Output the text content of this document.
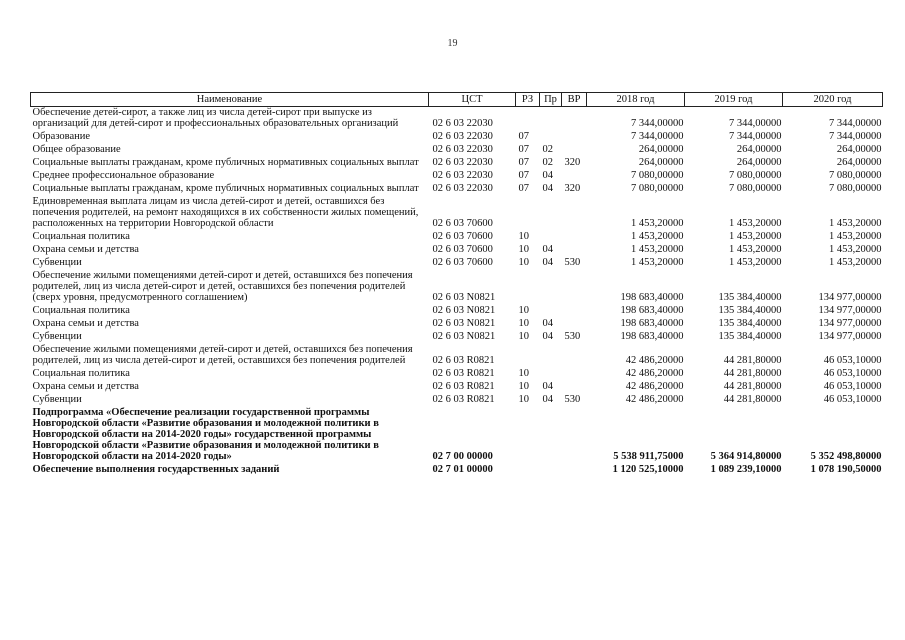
19
Наименование	ЦСТ	РЗ	Пр	ВР	2018 год	2019 год	2020 год
Обеспечение детей-сирот, а также лиц из числа детей-сирот при выпуске из организаций для детей-сирот и профессиональных образовательных организаций	02 6 03 22030				7 344,00000	7 344,00000	7 344,00000
Образование	02 6 03 22030	07			7 344,00000	7 344,00000	7 344,00000
Общее образование	02 6 03 22030	07	02		264,00000	264,00000	264,00000
Социальные выплаты гражданам, кроме публичных нормативных социальных выплат	02 6 03 22030	07	02	320	264,00000	264,00000	264,00000
Среднее профессиональное образование	02 6 03 22030	07	04		7 080,00000	7 080,00000	7 080,00000
Социальные выплаты гражданам, кроме публичных нормативных социальных выплат	02 6 03 22030	07	04	320	7 080,00000	7 080,00000	7 080,00000
Единовременная выплата лицам из числа детей-сирот и детей, оставшихся без попечения родителей, на ремонт находящихся в их собственности жилых помещений, расположенных на территории Новгородской области	02 6 03 70600				1 453,20000	1 453,20000	1 453,20000
Социальная политика	02 6 03 70600	10			1 453,20000	1 453,20000	1 453,20000
Охрана семьи и детства	02 6 03 70600	10	04		1 453,20000	1 453,20000	1 453,20000
Субвенции	02 6 03 70600	10	04	530	1 453,20000	1 453,20000	1 453,20000
Обеспечение жилыми помещениями детей-сирот и детей, оставшихся без попечения родителей, лиц из числа детей-сирот и детей, оставшихся без попечения родителей (сверх уровня, предусмотренного соглашением)	02 6 03 N0821				198 683,40000	135 384,40000	134 977,00000
Социальная политика	02 6 03 N0821	10			198 683,40000	135 384,40000	134 977,00000
Охрана семьи и детства	02 6 03 N0821	10	04		198 683,40000	135 384,40000	134 977,00000
Субвенции	02 6 03 N0821	10	04	530	198 683,40000	135 384,40000	134 977,00000
Обеспечение жилыми помещениями детей-сирот и детей, оставшихся без попечения родителей, лиц из числа детей-сирот и детей, оставшихся без попечения родителей	02 6 03 R0821				42 486,20000	44 281,80000	46 053,10000
Социальная политика	02 6 03 R0821	10			42 486,20000	44 281,80000	46 053,10000
Охрана семьи и детства	02 6 03 R0821	10	04		42 486,20000	44 281,80000	46 053,10000
Субвенции	02 6 03 R0821	10	04	530	42 486,20000	44 281,80000	46 053,10000
Подпрограмма «Обеспечение реализации государственной программы Новгородской области «Развитие образования и молодежной политики в Новгородской области на 2014-2020 годы» государственной программы Новгородской области «Развитие образования и молодежной политики в Новгородской области на 2014-2020 годы»	02 7 00 00000				5 538 911,75000	5 364 914,80000	5 352 498,80000
Обеспечение выполнения государственных заданий	02 7 01 00000				1 120 525,10000	1 089 239,10000	1 078 190,50000
